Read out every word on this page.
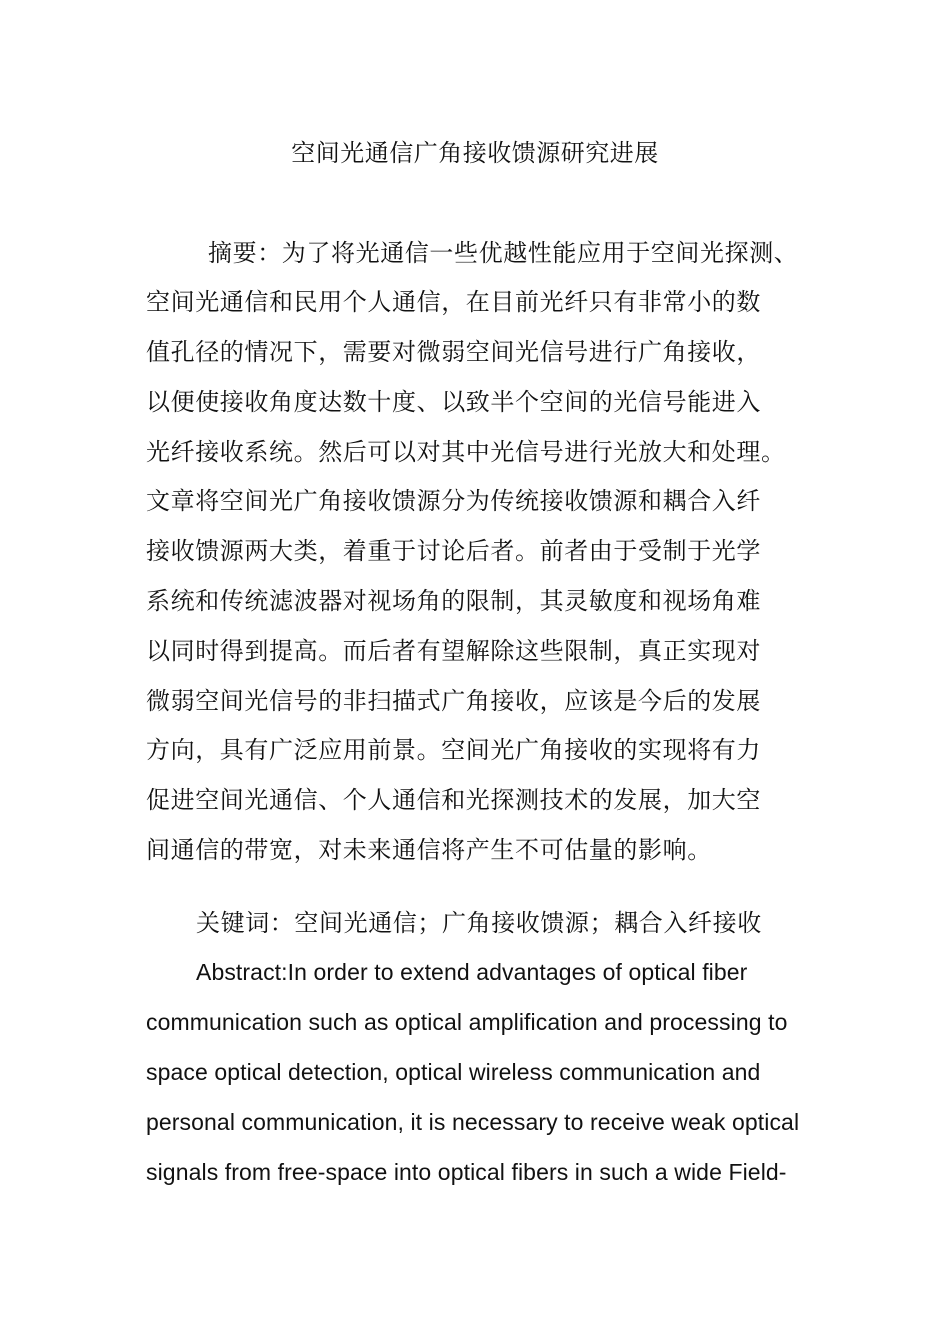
空间光通信广角接收馈源研究进展
摘要：为了将光通信一些优越性能应用于空间光探测、
空间光通信和民用个人通信，在目前光纤只有非常小的数
值孔径的情况下，需要对微弱空间光信号进行广角接收，
以便使接收角度达数十度、以致半个空间的光信号能进入
光纤接收系统。然后可以对其中光信号进行光放大和处理。
文章将空间光广角接收馈源分为传统接收馈源和耦合入纤
接收馈源两大类，着重于讨论后者。前者由于受制于光学
系统和传统滤波器对视场角的限制，其灵敏度和视场角难
以同时得到提高。而后者有望解除这些限制，真正实现对
微弱空间光信号的非扫描式广角接收，应该是今后的发展
方向，具有广泛应用前景。空间光广角接收的实现将有力
促进空间光通信、个人通信和光探测技术的发展，加大空
间通信的带宽，对未来通信将产生不可估量的影响。
关键词：空间光通信；广角接收馈源；耦合入纤接收
Abstract:In order to extend advantages of optical fiber
communication such as optical amplification and processing to
space optical detection, optical wireless communication and
personal communication, it is necessary to receive weak optical
signals from free-space into optical fibers in such a wide Field-
